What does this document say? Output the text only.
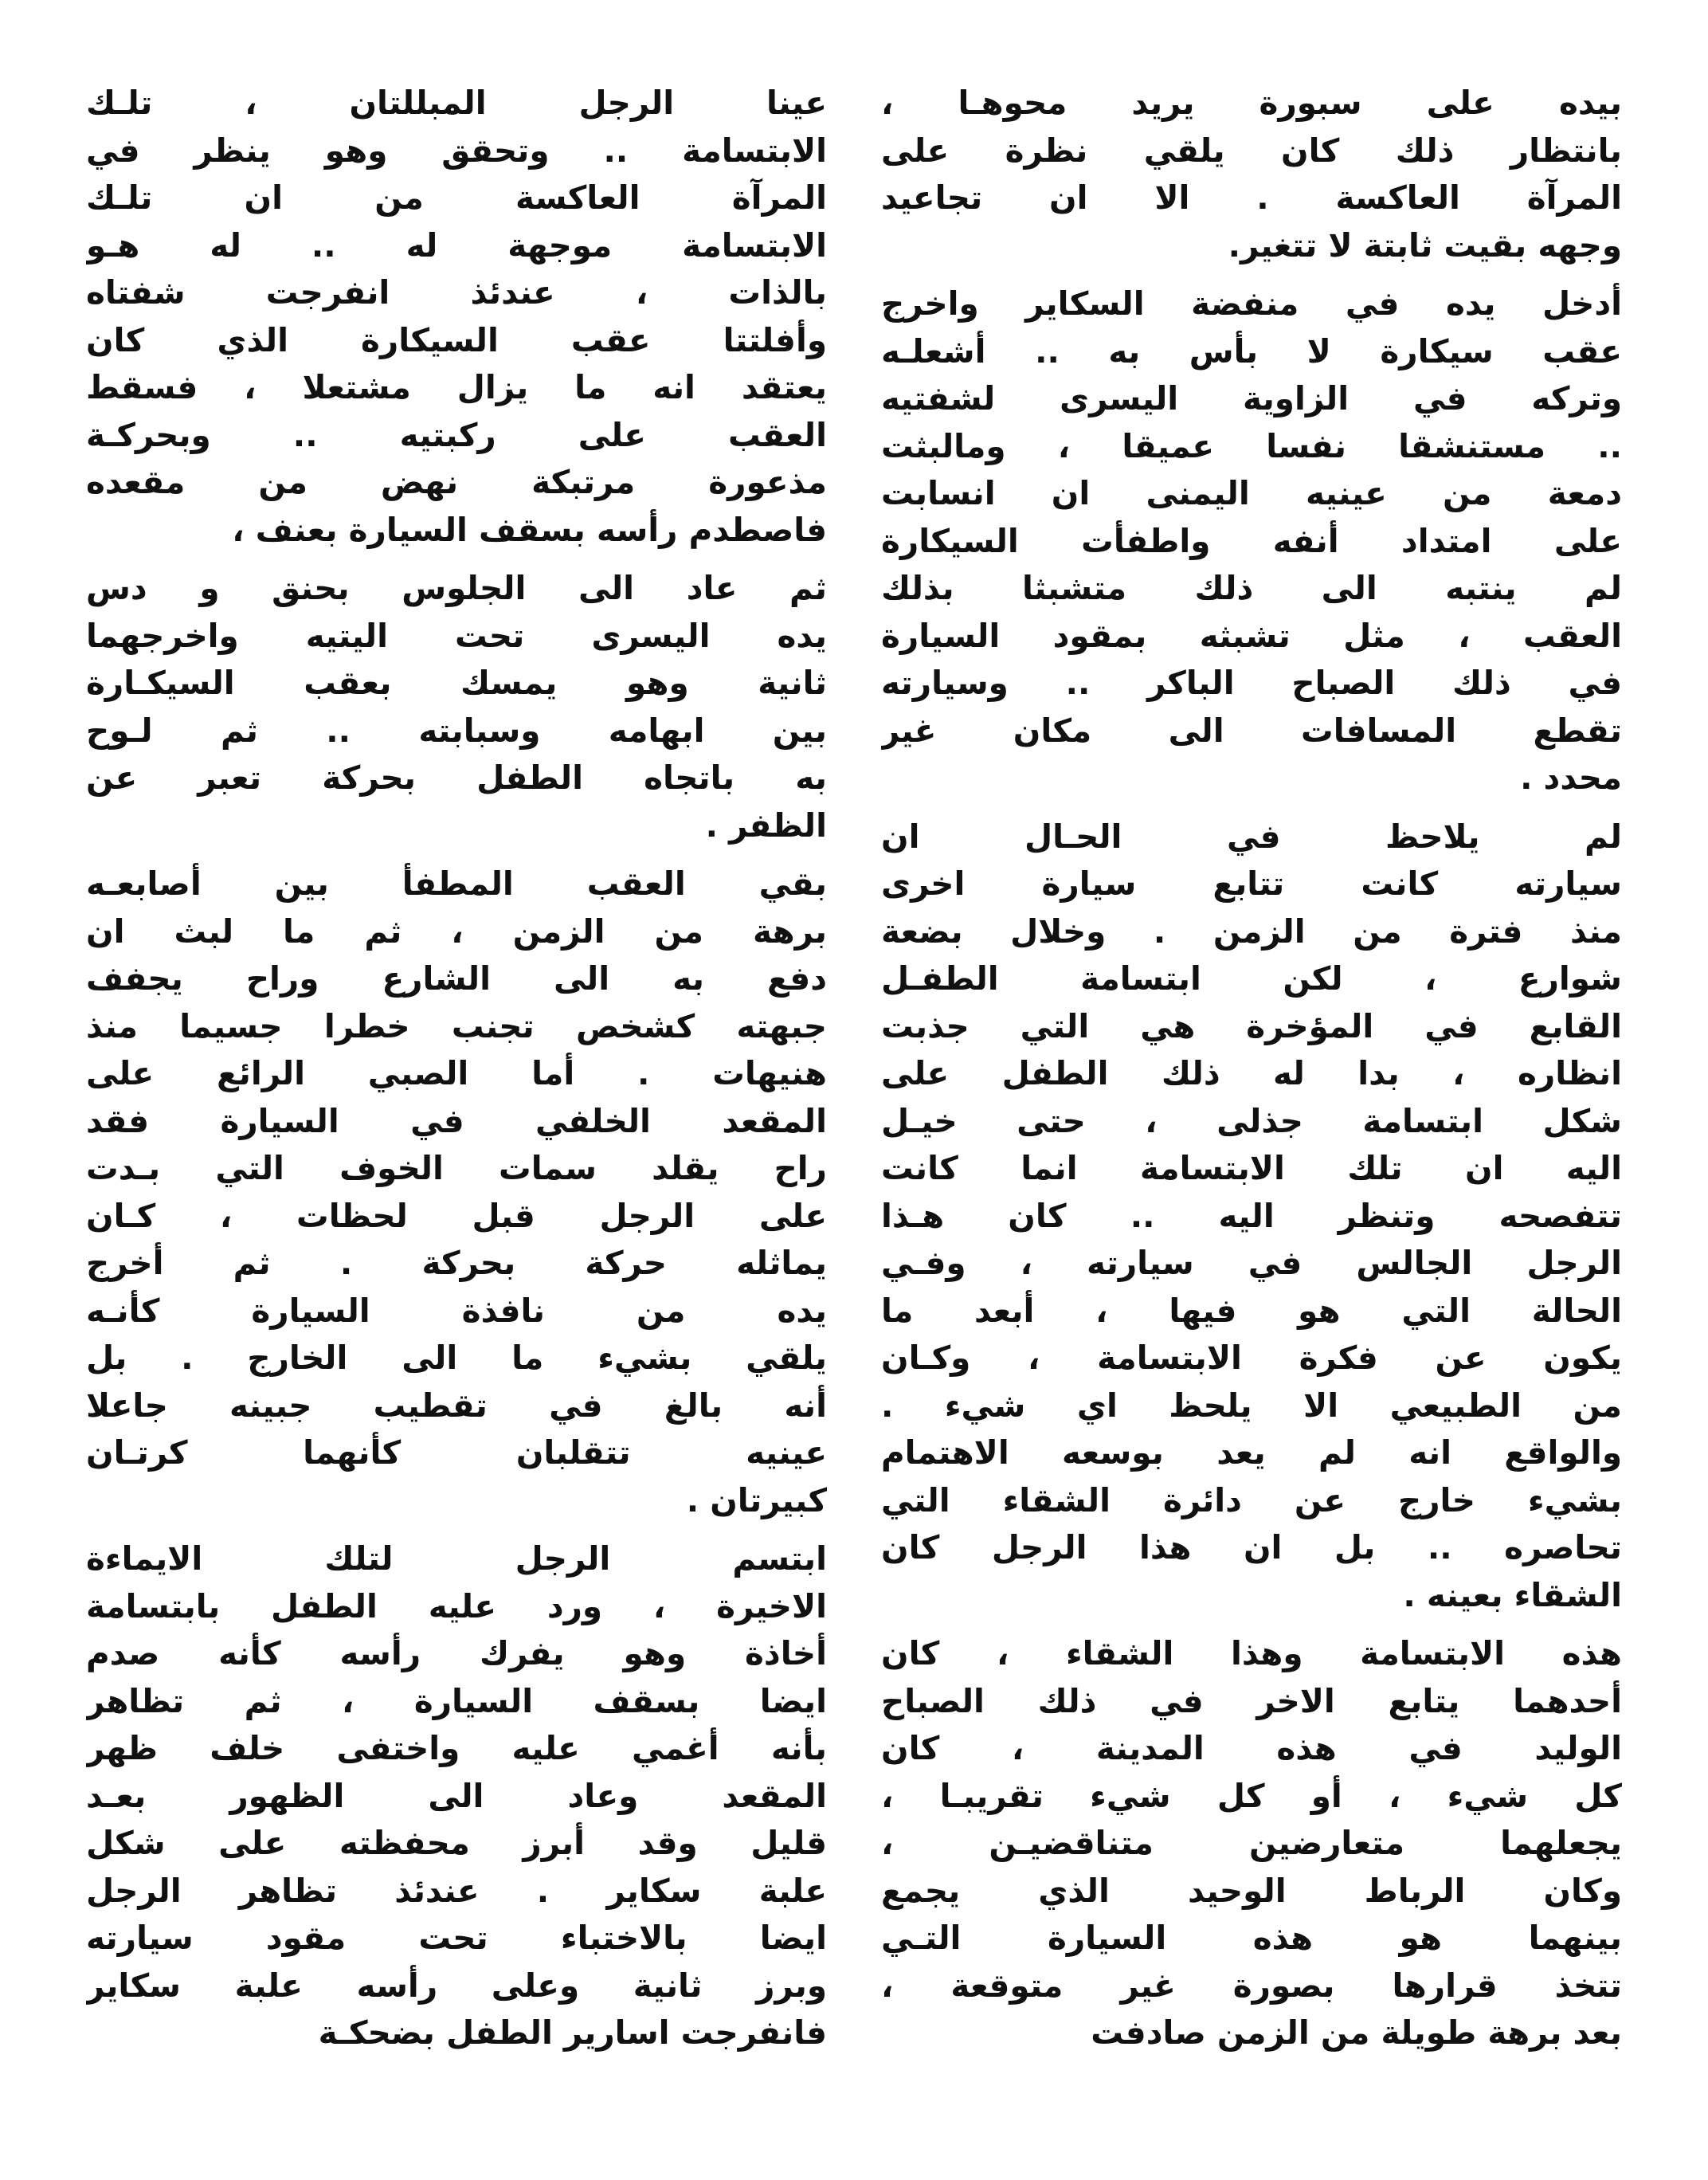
بيده على سبورة يريد محوهـا ،
بانتظار ذلك كان يلقي نظرة على
المرآة العاكسة . الا ان تجاعيد
وجهه بقيت ثابتة لا تتغير.
أدخل يده في منفضة السكاير واخرج
عقب سيكارة لا بأس به .. أشعلـه
وتركه في الزاوية اليسرى لشفتيه
.. مستنشقا نفسا عميقا ، ومالبثت
دمعة من عينيه اليمنى ان انسابت
على امتداد أنفه واطفأت السيكارة
لم ينتبه الى ذلك متشبثا بذلك
العقب ، مثل تشبثه بمقود السيارة
في ذلك الصباح الباكر .. وسيارته
تقطع المسافات الى مكان غير
محدد .
لم يلاحظ في الحـال ان
سيارته كانت تتابع سيارة اخرى
منذ فترة من الزمن . وخلال بضعة
شوارع ، لكن ابتسامة الطفـل
القابع في المؤخرة هي التي جذبت
انظاره ، بدا له ذلك الطفل على
شكل ابتسامة جذلى ، حتى خيـل
اليه ان تلك الابتسامة انما كانت
تتفصحه وتنظر اليه .. كان هـذا
الرجل الجالس في سيارته ، وفـي
الحالة التي هو فيها ، أبعد ما
يكون عن فكرة الابتسامة ، وكـان
من الطبيعي الا يلحظ اي شيء .
والواقع انه لم يعد بوسعه الاهتمام
بشيء خارج عن دائرة الشقاء التي
تحاصره .. بل ان هذا الرجل كان
الشقاء بعينه .
هذه الابتسامة وهذا الشقاء ، كان
أحدهما يتابع الاخر في ذلك الصباح
الوليد في هذه المدينة ، كان
كل شيء ، أو كل شيء تقريبـا ،
يجعلهما متعارضين متناقضيـن ،
وكان الرباط الوحيد الذي يجمع
بينهما هو هذه السيارة التـي
تتخذ قرارها بصورة غير متوقعة ،
بعد برهة طويلة من الزمن صادفت
عينا الرجل المبللتان ، تلـك
الابتسامة .. وتحقق وهو ينظر في
المرآة العاكسة من ان تلـك
الابتسامة موجهة له .. له هـو
بالذات ، عندئذ انفرجت شفتاه
وأفلتتا عقب السيكارة الذي كان
يعتقد انه ما يزال مشتعلا ، فسقط
العقب على ركبتيه .. وبحركـة
مذعورة مرتبكة نهض من مقعده
فاصطدم رأسه بسقف السيارة بعنف ،
ثم عاد الى الجلوس بحنق و دس
يده اليسرى تحت اليتيه واخرجهما
ثانية وهو يمسك بعقب السيكـارة
بين ابهامه وسبابته .. ثم لـوح
به باتجاه الطفل بحركة تعبر عن
الظفر .
بقي العقب المطفأ بين أصابعـه
برهة من الزمن ، ثم ما لبث ان
دفع به الى الشارع وراح يجفف
جبهته كشخص تجنب خطرا جسيما منذ
هنيهات . أما الصبي الرائع على
المقعد الخلفي في السيارة فقد
راح يقلد سمات الخوف التي بـدت
على الرجل قبل لحظات ، كـان
يماثله حركة بحركة . ثم أخرج
يده من نافذة السيارة كأنـه
يلقي بشيء ما الى الخارج . بل
أنه بالغ في تقطيب جبينه جاعلا
عينيه تتقلبان كأنهما كرتـان
كبيرتان .
ابتسم الرجل لتلك الايماءة
الاخيرة ، ورد عليه الطفل بابتسامة
أخاذة وهو يفرك رأسه كأنه صدم
ايضا بسقف السيارة ، ثم تظاهر
بأنه أغمي عليه واختفى خلف ظهر
المقعد وعاد الى الظهور بعـد
قليل وقد أبرز محفظته على شكل
علبة سكاير . عندئذ تظاهر الرجل
ايضا بالاختباء تحت مقود سيارته
وبرز ثانية وعلى رأسه علبة سكاير
فانفرجت اسارير الطفل بضحكـة
